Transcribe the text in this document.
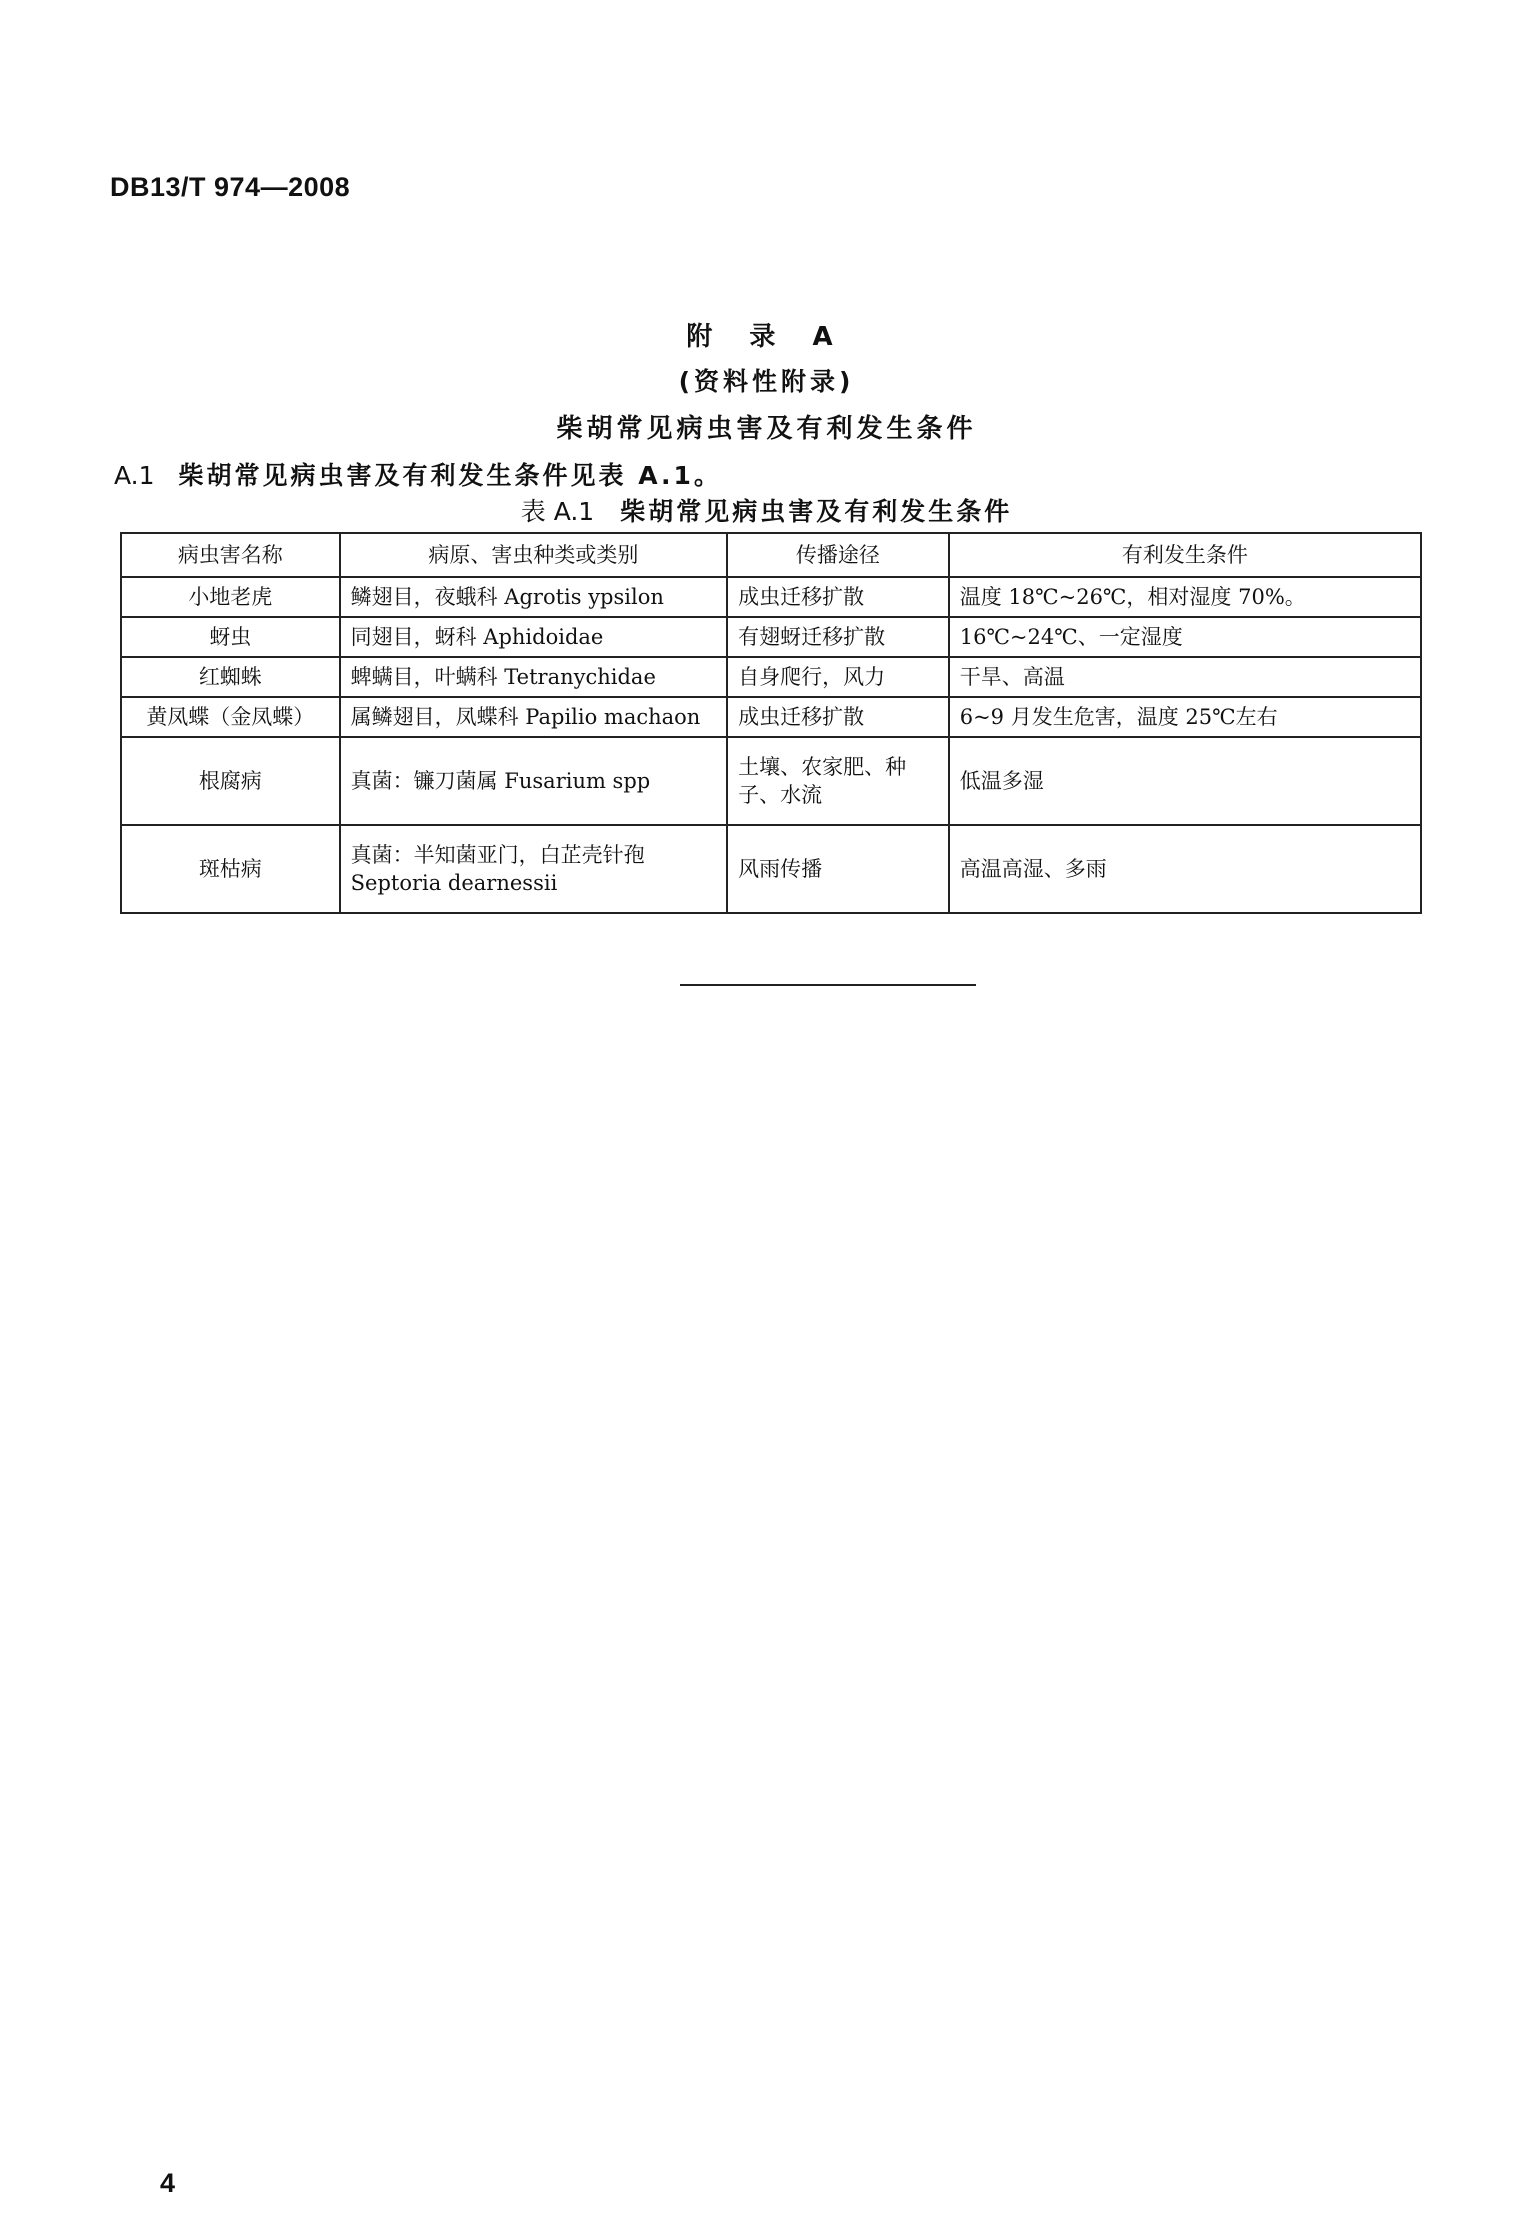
DB13/T 974—2008
附 录 A
(资料性附录)
柴胡常见病虫害及有利发生条件
A.1 柴胡常见病虫害及有利发生条件见表 A.1。
表 A.1 柴胡常见病虫害及有利发生条件
病虫害名称	病原、害虫种类或类别	传播途径	有利发生条件
小地老虎	鳞翅目，夜蛾科 Agrotis ypsilon	成虫迁移扩散	温度 18℃~26℃，相对湿度 70%。
蚜虫	同翅目，蚜科 Aphidoidae	有翅蚜迁移扩散	16℃~24℃、一定湿度
红蜘蛛	蜱螨目，叶螨科 Tetranychidae	自身爬行，风力	干旱、高温
黄凤蝶（金凤蝶）	属鳞翅目，凤蝶科 Papilio machaon	成虫迁移扩散	6~9 月发生危害，温度 25℃左右
根腐病	真菌：镰刀菌属 Fusarium spp	土壤、农家肥、种子、水流	低温多湿
斑枯病	真菌：半知菌亚门，白芷壳针孢 Septoria dearnessii	风雨传播	高温高湿、多雨
4
